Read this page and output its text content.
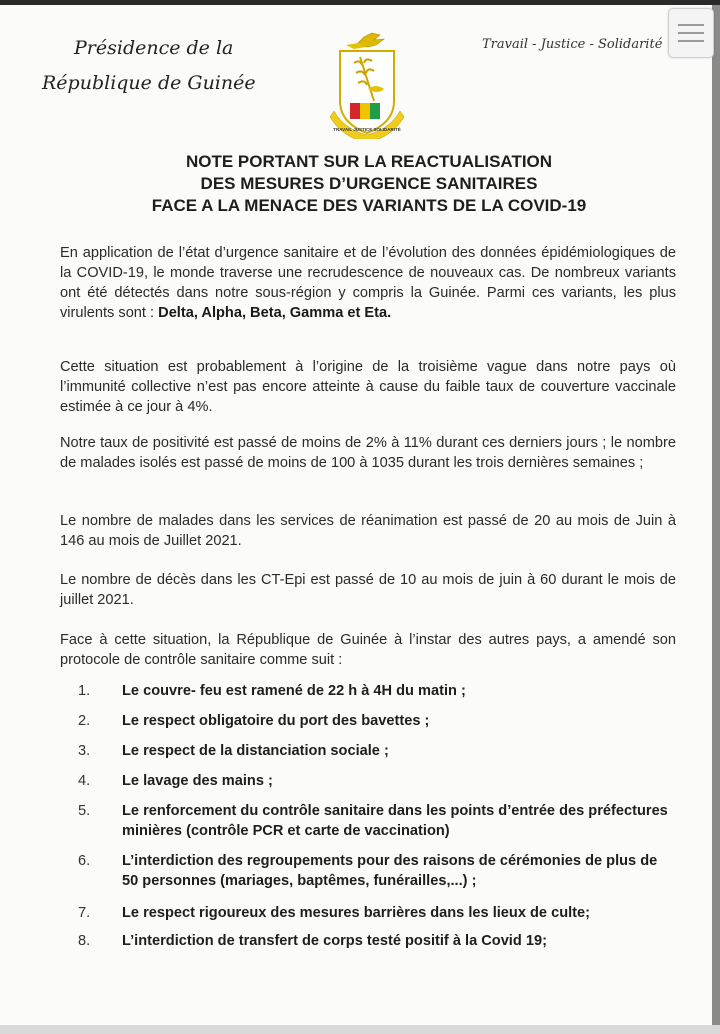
Présidence de la
République de Guinée
TRAVAIL JUSTICE SOLIDARITÉ
Travail - Justice - Solidarité
NOTE PORTANT SUR LA REACTUALISATION
DES MESURES D’URGENCE SANITAIRES
FACE A LA MENACE DES VARIANTS DE LA COVID-19
En application de l’état d’urgence sanitaire et de l’évolution des données épidémiologiques de la COVID-19, le monde traverse une recrudescence de nouveaux cas. De nombreux variants ont été détectés dans notre sous-région y compris la Guinée. Parmi ces variants, les plus virulents sont : Delta, Alpha, Beta, Gamma et Eta.
Cette situation est probablement à l’origine de la troisième vague dans notre pays où l’immunité collective n’est pas encore atteinte à cause du faible taux de couverture vaccinale estimée à ce jour à 4%.
Notre taux de positivité est passé de moins de 2% à 11% durant ces derniers jours ; le nombre de malades isolés est passé de moins de 100 à 1035 durant les trois dernières semaines ;
Le nombre de malades dans les services de réanimation est passé de 20 au mois de Juin à 146 au mois de Juillet 2021.
Le nombre de décès dans les CT-Epi est passé de 10 au mois de juin à 60 durant le mois de juillet 2021.
Face à cette situation, la République de Guinée à l’instar des autres pays, a amendé son protocole de contrôle sanitaire comme suit :
1. Le couvre- feu est ramené de 22 h à 4H du matin ;
2. Le respect obligatoire du port des bavettes ;
3. Le respect de la distanciation sociale ;
4. Le lavage des mains ;
5. Le renforcement du contrôle sanitaire dans les points d’entrée des préfectures minières (contrôle PCR et carte de vaccination)
6. L’interdiction des regroupements pour des raisons de cérémonies de plus de 50 personnes (mariages, baptêmes, funérailles,...) ;
7. Le respect rigoureux des mesures barrières dans les lieux de culte;
8. L’interdiction de transfert de corps testé positif à la Covid 19;
